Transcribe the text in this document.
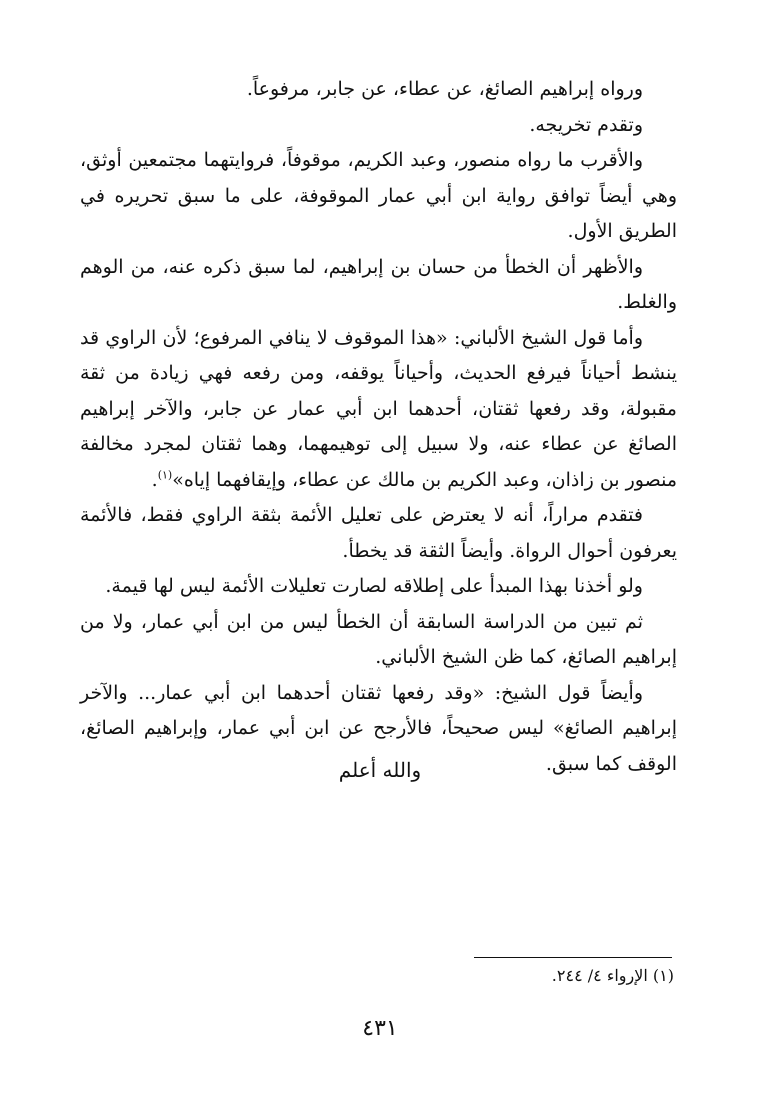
ورواه إبراهيم الصائغ، عن عطاء، عن جابر، مرفوعاً.

وتقدم تخريجه.

والأقرب ما رواه منصور، وعبد الكريم، موقوفاً، فروايتهما مجتمعين أوثق، وهي أيضاً توافق رواية ابن أبي عمار الموقوفة، على ما سبق تحريره في الطريق الأول.

والأظهر أن الخطأ من حسان بن إبراهيم، لما سبق ذكره عنه، من الوهم والغلط.

وأما قول الشيخ الألباني: «هذا الموقوف لا ينافي المرفوع؛ لأن الراوي قد ينشط أحياناً فيرفع الحديث، وأحياناً يوقفه، ومن رفعه فهي زيادة من ثقة مقبولة، وقد رفعها ثقتان، أحدهما ابن أبي عمار عن جابر، والآخر إبراهيم الصائغ عن عطاء عنه، ولا سبيل إلى توهيمهما، وهما ثقتان لمجرد مخالفة منصور بن زاذان، وعبد الكريم بن مالك عن عطاء، وإيقافهما إياه»$^{(١)}$.

فتقدم مراراً، أنه لا يعترض على تعليل الأئمة بثقة الراوي فقط، فالأئمة يعرفون أحوال الرواة. وأيضاً الثقة قد يخطأ.

ولو أخذنا بهذا المبدأ على إطلاقه لصارت تعليلات الأئمة ليس لها قيمة.

ثم تبين من الدراسة السابقة أن الخطأ ليس من ابن أبي عمار، ولا من إبراهيم الصائغ، كما ظن الشيخ الألباني.

وأيضاً قول الشيخ: «وقد رفعها ثقتان أحدهما ابن أبي عمار... والآخر إبراهيم الصائغ» ليس صحيحاً، فالأرجح عن ابن أبي عمار، وإبراهيم الصائغ، الوقف كما سبق.

والله أعلم
(١) الإرواء ٤/ ٢٤٤.
٤٣١
